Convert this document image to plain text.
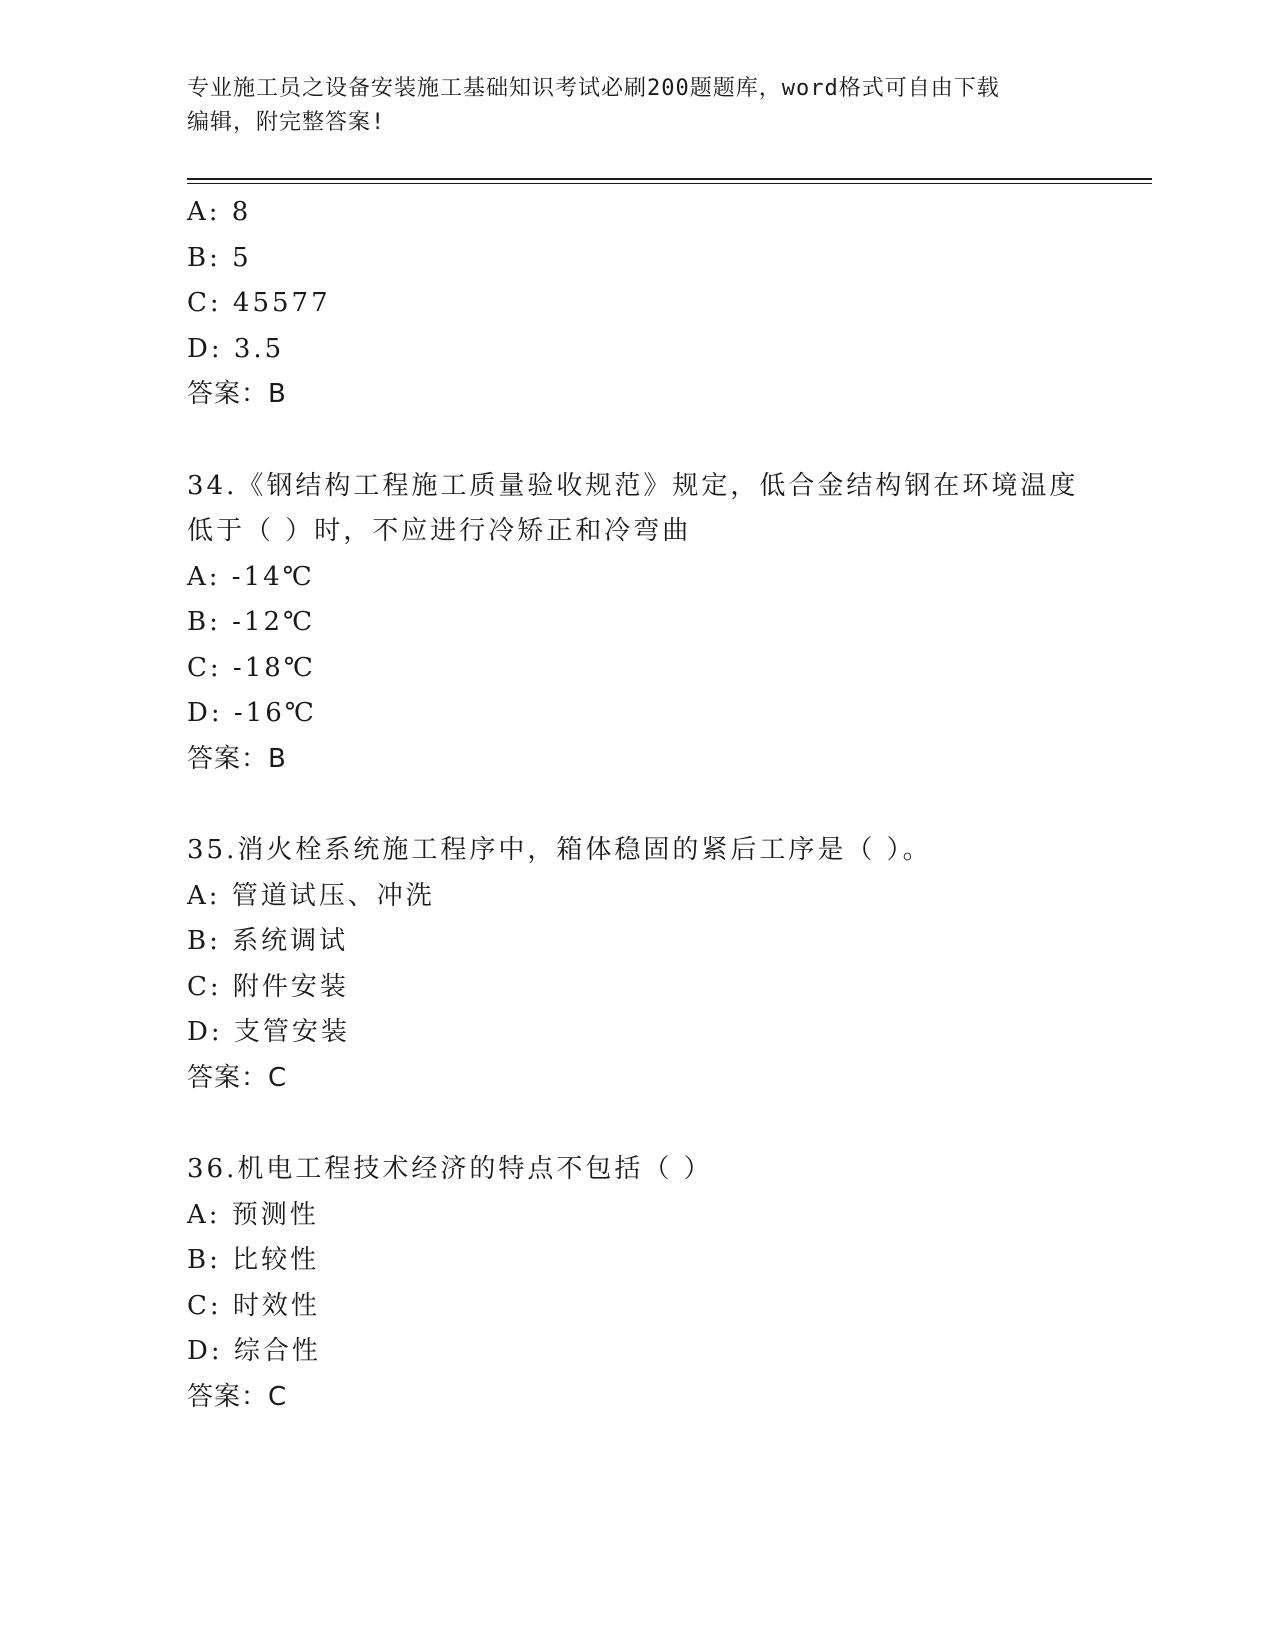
专业施工员之设备安装施工基础知识考试必刷200题题库，word格式可自由下载
编辑，附完整答案!
A: 8
B: 5
C: 45577
D: 3.5
答案：B
34.《钢结构工程施工质量验收规范》规定，低合金结构钢在环境温度
低于（ ）时，不应进行冷矫正和冷弯曲
A: -14℃
B: -12℃
C: -18℃
D: -16℃
答案：B
35.消火栓系统施工程序中，箱体稳固的紧后工序是（ ）。
A: 管道试压、冲洗
B: 系统调试
C: 附件安装
D: 支管安装
答案：C
36.机电工程技术经济的特点不包括（ ）
A: 预测性
B: 比较性
C: 时效性
D: 综合性
答案：C
